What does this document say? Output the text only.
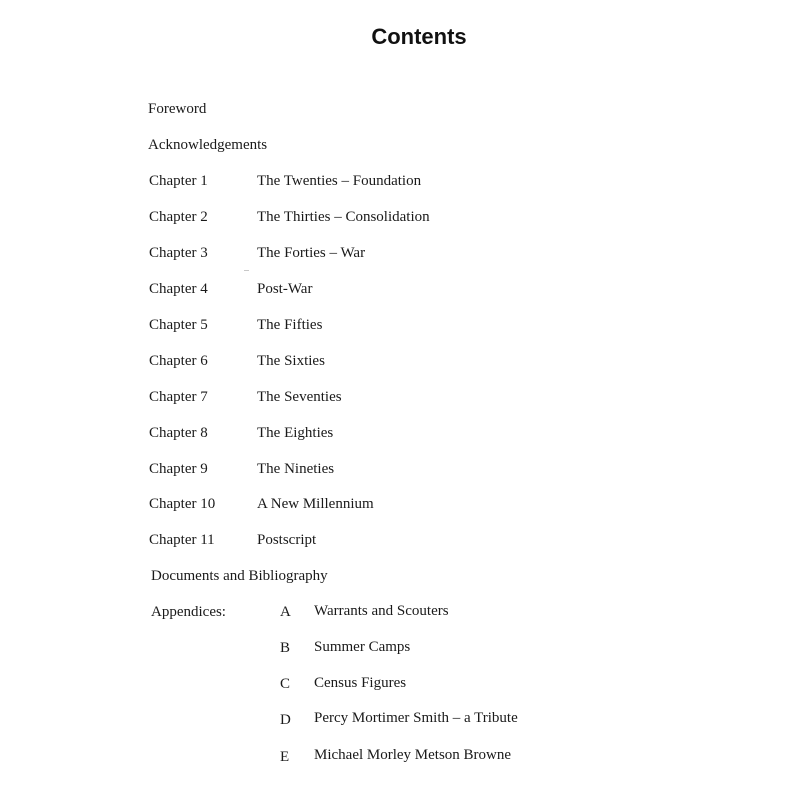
Contents
Foreword
Acknowledgements
Chapter 1	The Twenties – Foundation
Chapter 2	The Thirties – Consolidation
Chapter 3	The Forties – War
Chapter 4	Post-War
Chapter 5	The Fifties
Chapter 6	The Sixties
Chapter 7	The Seventies
Chapter 8	The Eighties
Chapter 9	The Nineties
Chapter 10	A New Millennium
Chapter 11	Postscript
Documents and Bibliography
Appendices:	A Warrants and Scouters
B Summer Camps
C Census Figures
D Percy Mortimer Smith – a Tribute
E Michael Morley Metson Browne
